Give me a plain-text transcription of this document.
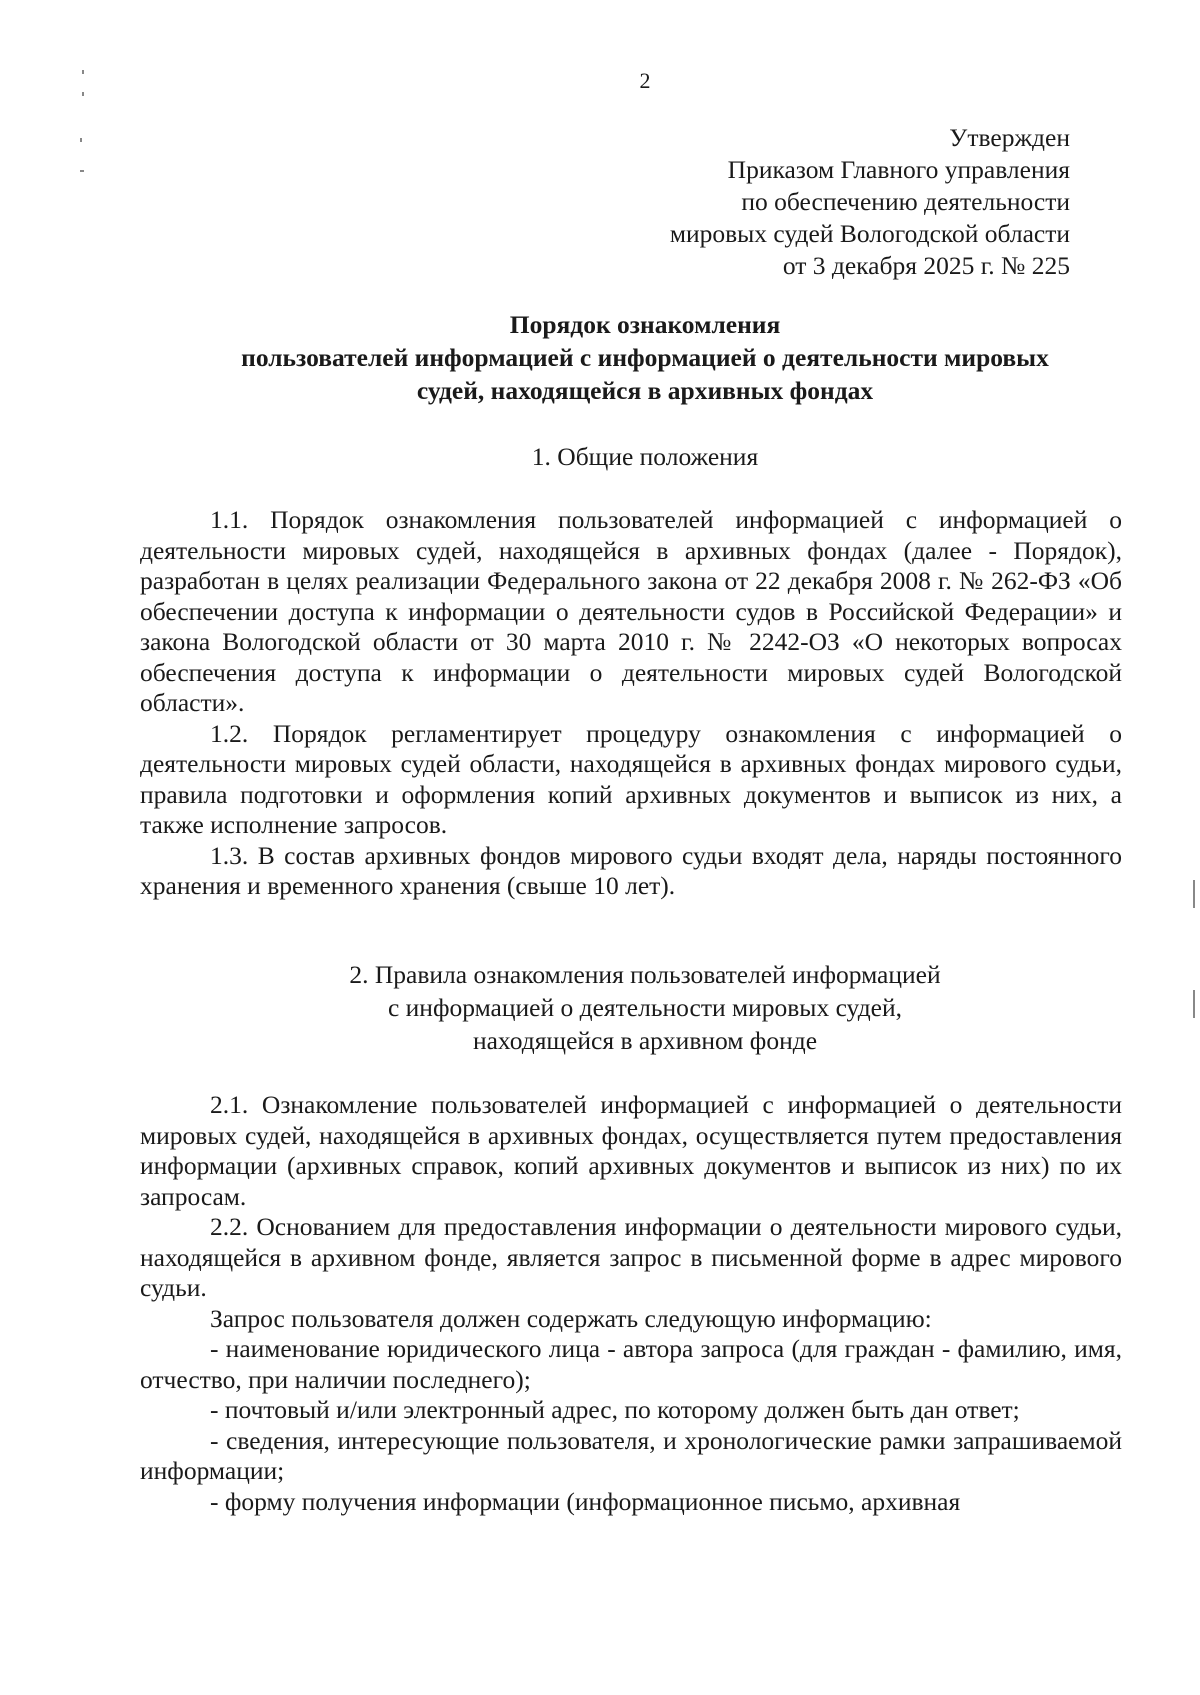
2
Утвержден
Приказом Главного управления
по обеспечению деятельности
мировых судей Вологодской области
от 3 декабря 2025 г. № 225
Порядок ознакомления
пользователей информацией с информацией о деятельности мировых
судей, находящейся в архивных фондах
1. Общие положения

1.1. Порядок ознакомления пользователей информацией с информацией о деятельности мировых судей, находящейся в архивных фондах (далее - Порядок), разработан в целях реализации Федерального закона от 22 декабря 2008 г. № 262-ФЗ «Об обеспечении доступа к информации о деятельности судов в Российской Федерации» и закона Вологодской области от 30 марта 2010 г. № 2242-ОЗ «О некоторых вопросах обеспечения доступа к информации о деятельности мировых судей Вологодской области».

1.2. Порядок регламентирует процедуру ознакомления с информацией о деятельности мировых судей области, находящейся в архивных фондах мирового судьи, правила подготовки и оформления копий архивных документов и выписок из них, а также исполнение запросов.

1.3. В состав архивных фондов мирового судьи входят дела, наряды постоянного хранения и временного хранения (свыше 10 лет).

2. Правила ознакомления пользователей информацией
с информацией о деятельности мировых судей,
находящейся в архивном фонде

2.1. Ознакомление пользователей информацией с информацией о деятельности мировых судей, находящейся в архивных фондах, осуществляется путем предоставления информации (архивных справок, копий архивных документов и выписок из них) по их запросам.

2.2. Основанием для предоставления информации о деятельности мирового судьи, находящейся в архивном фонде, является запрос в письменной форме в адрес мирового судьи.

Запрос пользователя должен содержать следующую информацию:

- наименование юридического лица - автора запроса (для граждан - фамилию, имя, отчество, при наличии последнего);

- почтовый и/или электронный адрес, по которому должен быть дан ответ;

- сведения, интересующие пользователя, и хронологические рамки запрашиваемой информации;

- форму получения информации (информационное письмо, архивная
